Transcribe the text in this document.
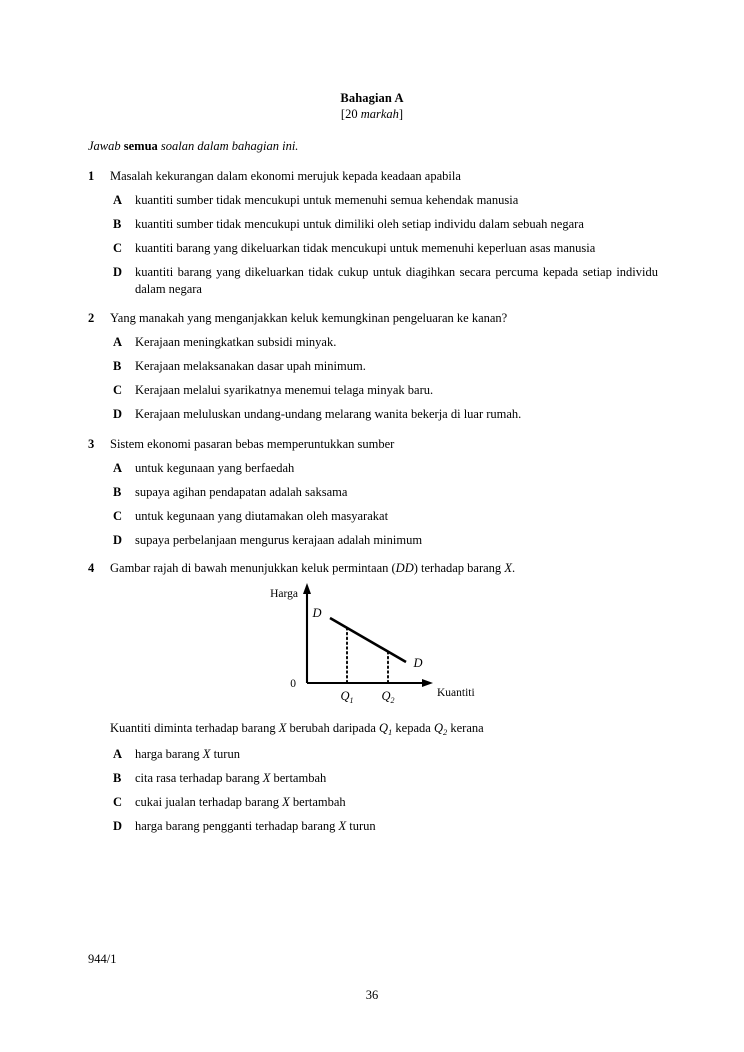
Bahagian A
[20 markah]
Jawab semua soalan dalam bahagian ini.
1 Masalah kekurangan dalam ekonomi merujuk kepada keadaan apabila
A kuantiti sumber tidak mencukupi untuk memenuhi semua kehendak manusia
B kuantiti sumber tidak mencukupi untuk dimiliki oleh setiap individu dalam sebuah negara
C kuantiti barang yang dikeluarkan tidak mencukupi untuk memenuhi keperluan asas manusia
D kuantiti barang yang dikeluarkan tidak cukup untuk diagihkan secara percuma kepada setiap individu dalam negara
2 Yang manakah yang menganjakkan keluk kemungkinan pengeluaran ke kanan?
A Kerajaan meningkatkan subsidi minyak.
B Kerajaan melaksanakan dasar upah minimum.
C Kerajaan melalui syarikatnya menemui telaga minyak baru.
D Kerajaan meluluskan undang-undang melarang wanita bekerja di luar rumah.
3 Sistem ekonomi pasaran bebas memperuntukkan sumber
A untuk kegunaan yang berfaedah
B supaya agihan pendapatan adalah saksama
C untuk kegunaan yang diutamakan oleh masyarakat
D supaya perbelanjaan mengurus kerajaan adalah minimum
4 Gambar rajah di bawah menunjukkan keluk permintaan (DD) terhadap barang X.
Harga
Kuantiti
0
D
D
$Q_1$ $Q_2$
Kuantiti diminta terhadap barang X berubah daripada $Q_1$ kepada $Q_2$ kerana
A harga barang X turun
B cita rasa terhadap barang X bertambah
C cukai jualan terhadap barang X bertambah
D harga barang pengganti terhadap barang X turun
944/1
36
